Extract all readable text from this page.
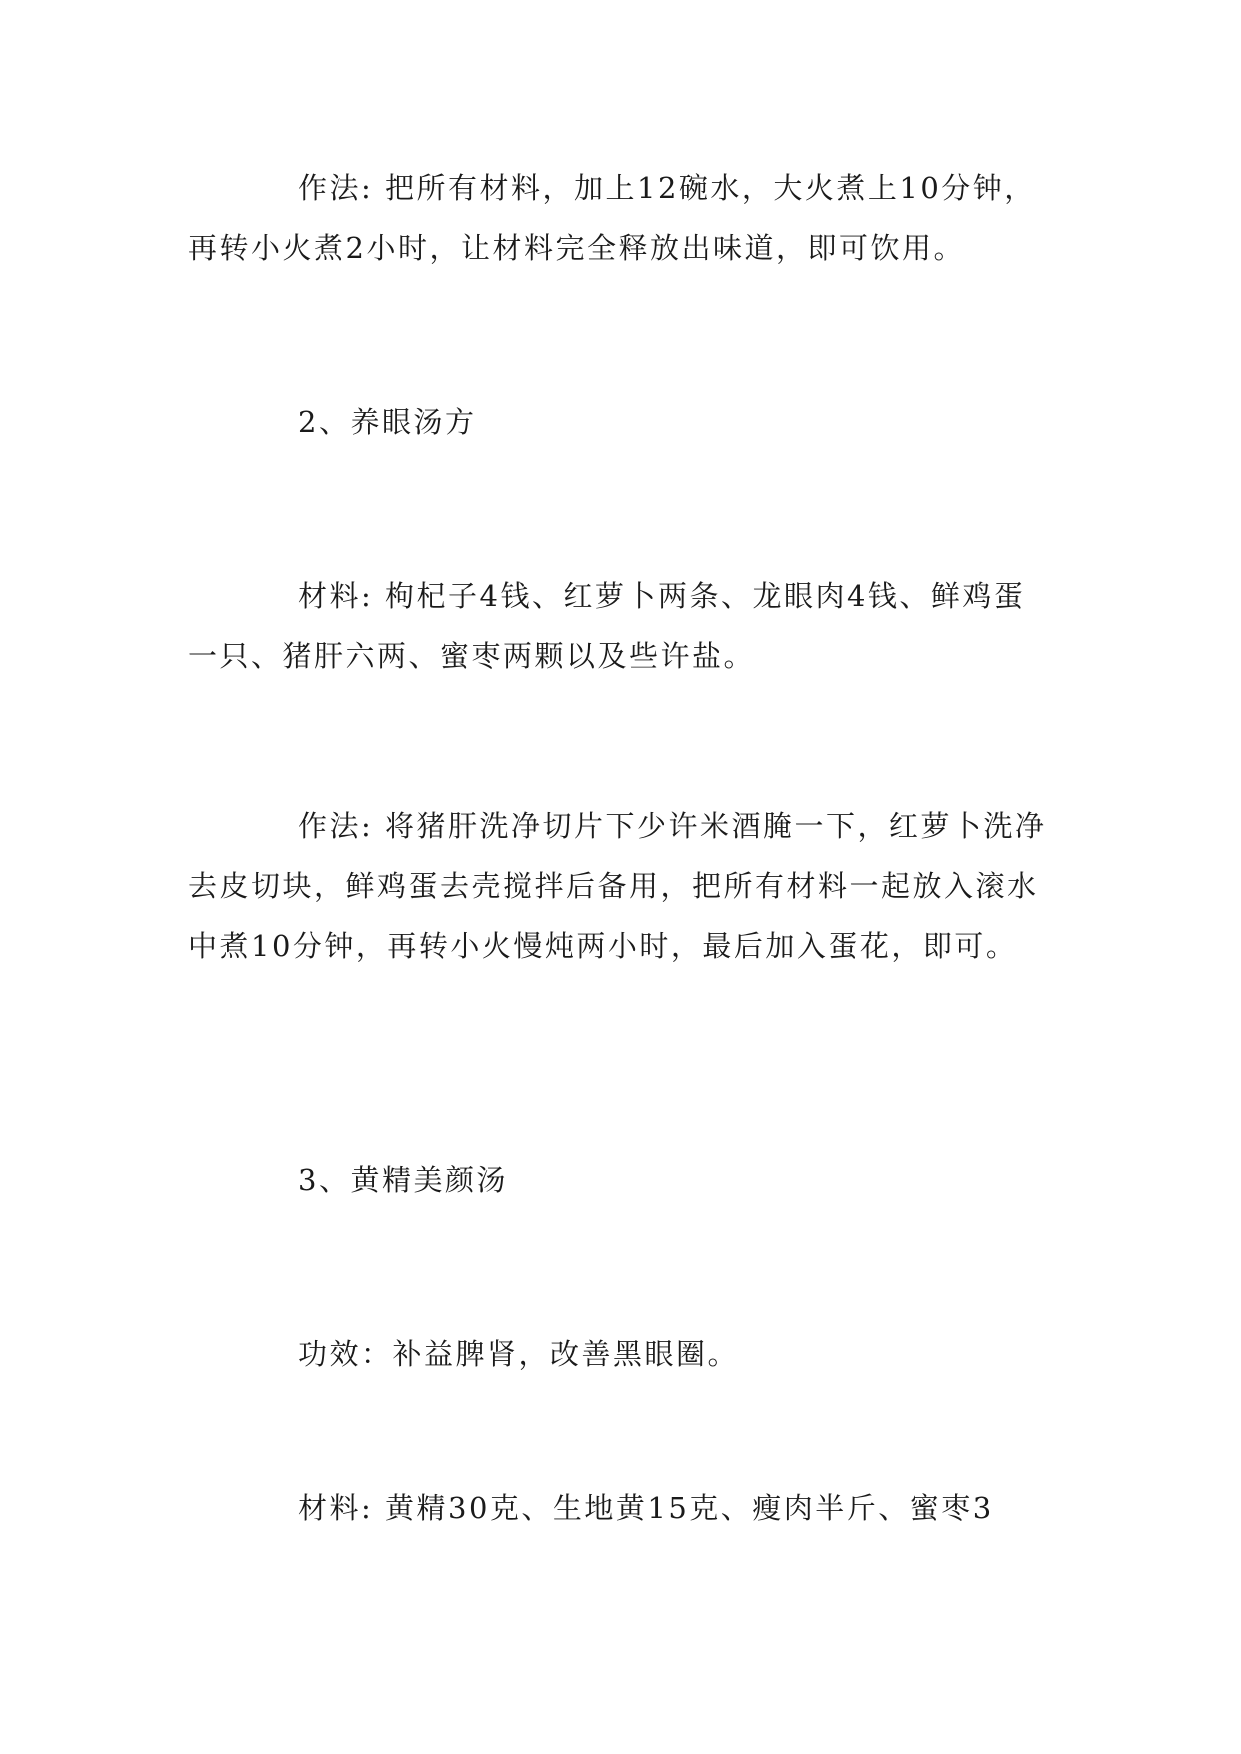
作法: 把所有材料，加上12碗水，大火煮上10分钟，再转小火煮2小时，让材料完全释放出味道，即可饮用。

2、养眼汤方

材料: 枸杞子4钱、红萝卜两条、龙眼肉4钱、鲜鸡蛋一只、猪肝六两、蜜枣两颗以及些许盐。

作法: 将猪肝洗净切片下少许米酒腌一下，红萝卜洗净去皮切块，鲜鸡蛋去壳搅拌后备用，把所有材料一起放入滚水中煮10分钟，再转小火慢炖两小时，最后加入蛋花，即可。

3、黄精美颜汤

功效：补益脾肾，改善黑眼圈。

材料: 黄精30克、生地黄15克、瘦肉半斤、蜜枣3
